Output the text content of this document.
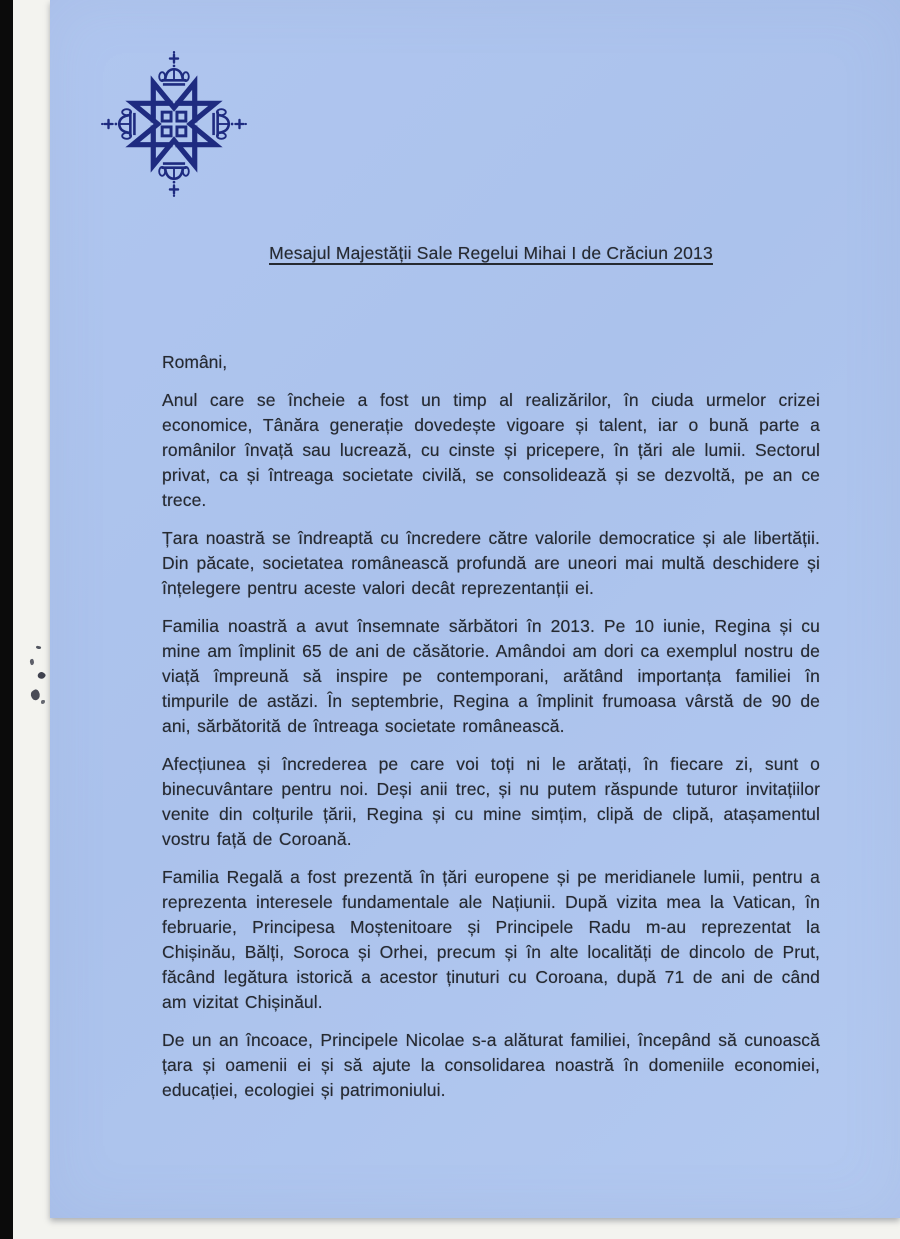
Mesajul Majestății Sale Regelui Mihai I de Crăciun 2013

Români,

Anul care se încheie a fost un timp al realizărilor, în ciuda urmelor crizei economice, Tânăra generație dovedește vigoare și talent, iar o bună parte a românilor învață sau lucrează, cu cinste și pricepere, în țări ale lumii. Sectorul privat, ca și întreaga societate civilă, se consolidează și se dezvoltă, pe an ce trece.

Țara noastră se îndreaptă cu încredere către valorile democratice și ale libertății. Din păcate, societatea românească profundă are uneori mai multă deschidere și înțelegere pentru aceste valori decât reprezentanții ei.

Familia noastră a avut însemnate sărbători în 2013. Pe 10 iunie, Regina și cu mine am împlinit 65 de ani de căsătorie. Amândoi am dori ca exemplul nostru de viață împreună să inspire pe contemporani, arătând importanța familiei în timpurile de astăzi. În septembrie, Regina a împlinit frumoasa vârstă de 90 de ani, sărbătorită de întreaga societate românească.

Afecțiunea și încrederea pe care voi toți ni le arătați, în fiecare zi, sunt o binecuvântare pentru noi. Deși anii trec, și nu putem răspunde tuturor invitațiilor venite din colțurile țării, Regina și cu mine simțim, clipă de clipă, atașamentul vostru față de Coroană.

Familia Regală a fost prezentă în țări europene și pe meridianele lumii, pentru a reprezenta interesele fundamentale ale Națiunii. După vizita mea la Vatican, în februarie, Principesa Moștenitoare și Principele Radu m-au reprezentat la Chișinău, Bălți, Soroca și Orhei, precum și în alte localități de dincolo de Prut, făcând legătura istorică a acestor ținuturi cu Coroana, după 71 de ani de când am vizitat Chișinăul.

De un an încoace, Principele Nicolae s-a alăturat familiei, începând să cunoască țara și oamenii ei și să ajute la consolidarea noastră în domeniile economiei, educației, ecologiei și patrimoniului.
